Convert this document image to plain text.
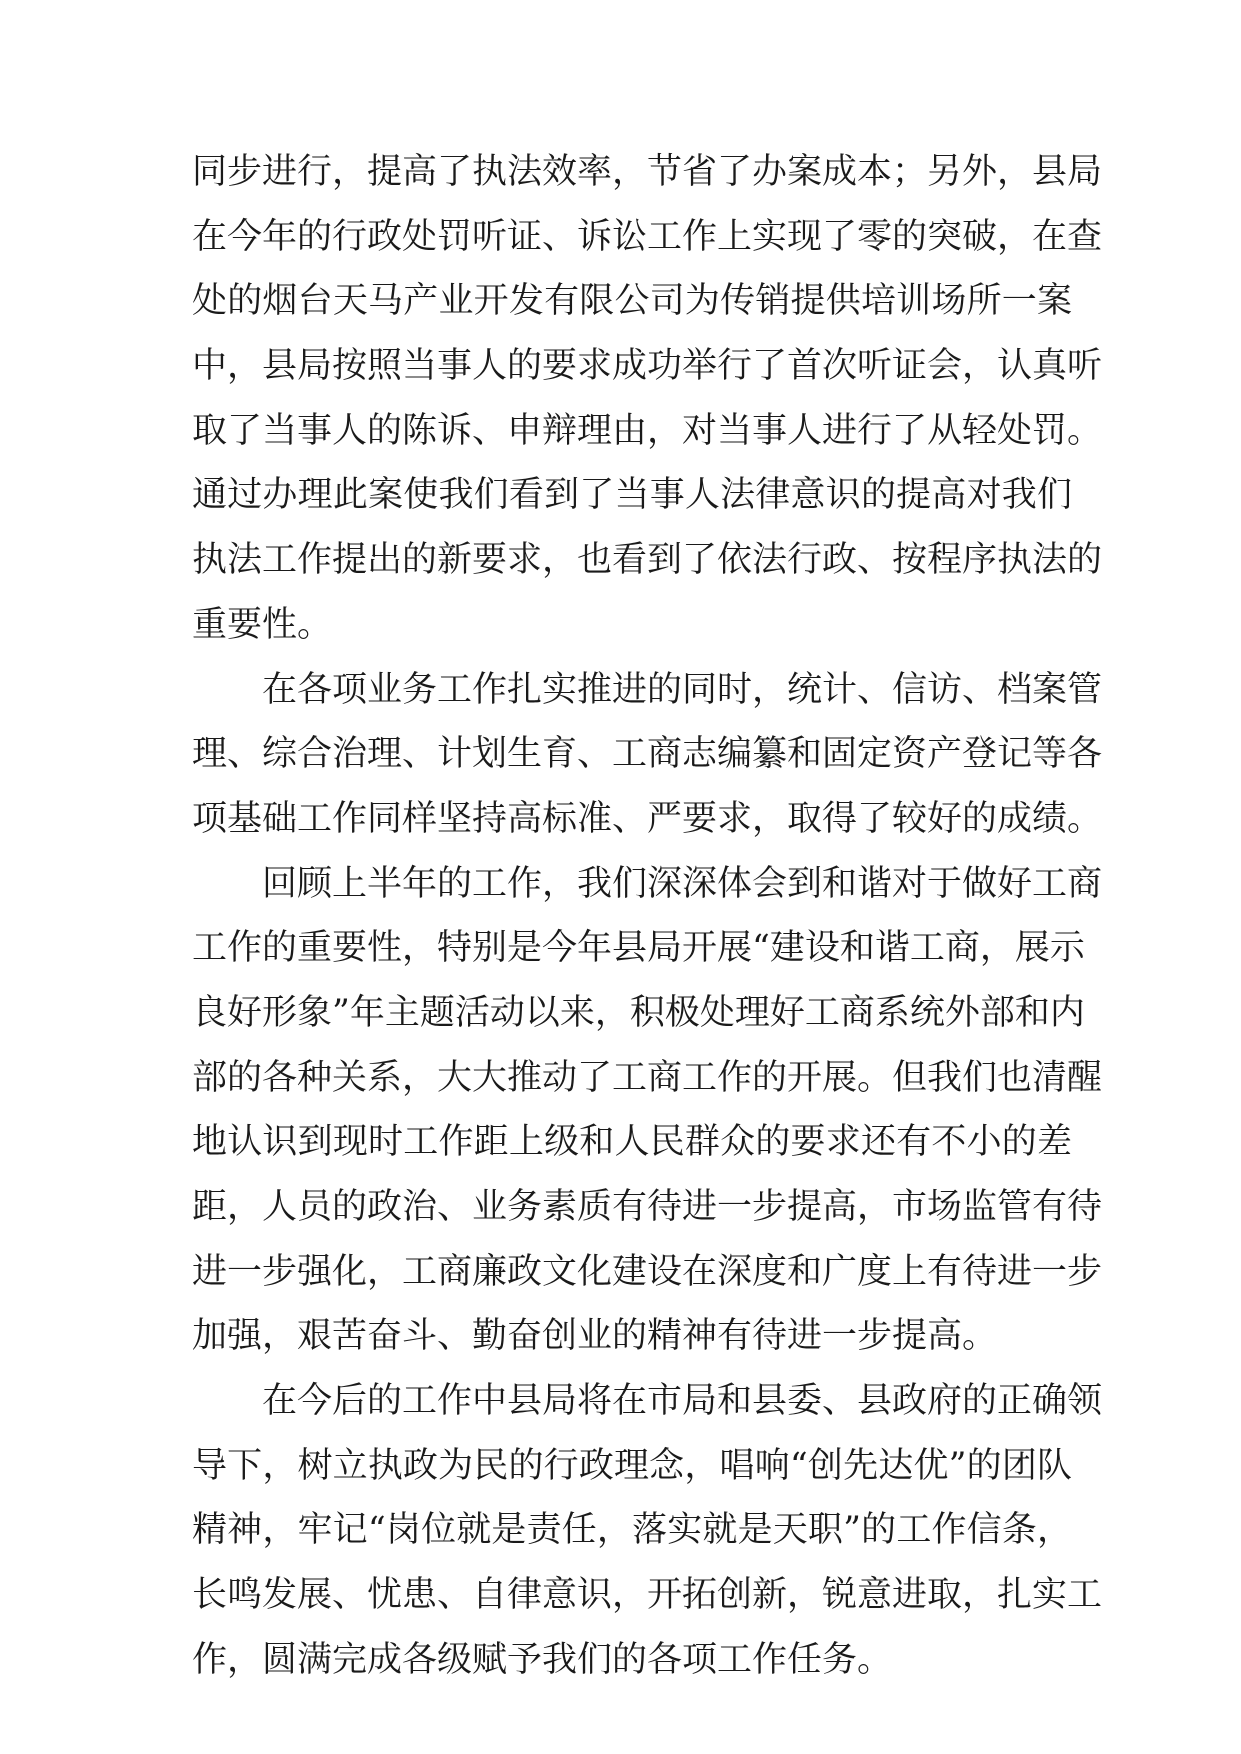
同步进行，提高了执法效率，节省了办案成本；另外，县局
在今年的行政处罚听证、诉讼工作上实现了零的突破，在查
处的烟台天马产业开发有限公司为传销提供培训场所一案
中，县局按照当事人的要求成功举行了首次听证会，认真听
取了当事人的陈诉、申辩理由，对当事人进行了从轻处罚。
通过办理此案使我们看到了当事人法律意识的提高对我们
执法工作提出的新要求，也看到了依法行政、按程序执法的
重要性。
在各项业务工作扎实推进的同时，统计、信访、档案管
理、综合治理、计划生育、工商志编纂和固定资产登记等各
项基础工作同样坚持高标准、严要求，取得了较好的成绩。
回顾上半年的工作，我们深深体会到和谐对于做好工商
工作的重要性，特别是今年县局开展“建设和谐工商，展示
良好形象”年主题活动以来，积极处理好工商系统外部和内
部的各种关系，大大推动了工商工作的开展。但我们也清醒
地认识到现时工作距上级和人民群众的要求还有不小的差
距，人员的政治、业务素质有待进一步提高，市场监管有待
进一步强化，工商廉政文化建设在深度和广度上有待进一步
加强，艰苦奋斗、勤奋创业的精神有待进一步提高。
在今后的工作中县局将在市局和县委、县政府的正确领
导下，树立执政为民的行政理念，唱响“创先达优”的团队
精神，牢记“岗位就是责任，落实就是天职”的工作信条，
长鸣发展、忧患、自律意识，开拓创新，锐意进取，扎实工
作，圆满完成各级赋予我们的各项工作任务。
